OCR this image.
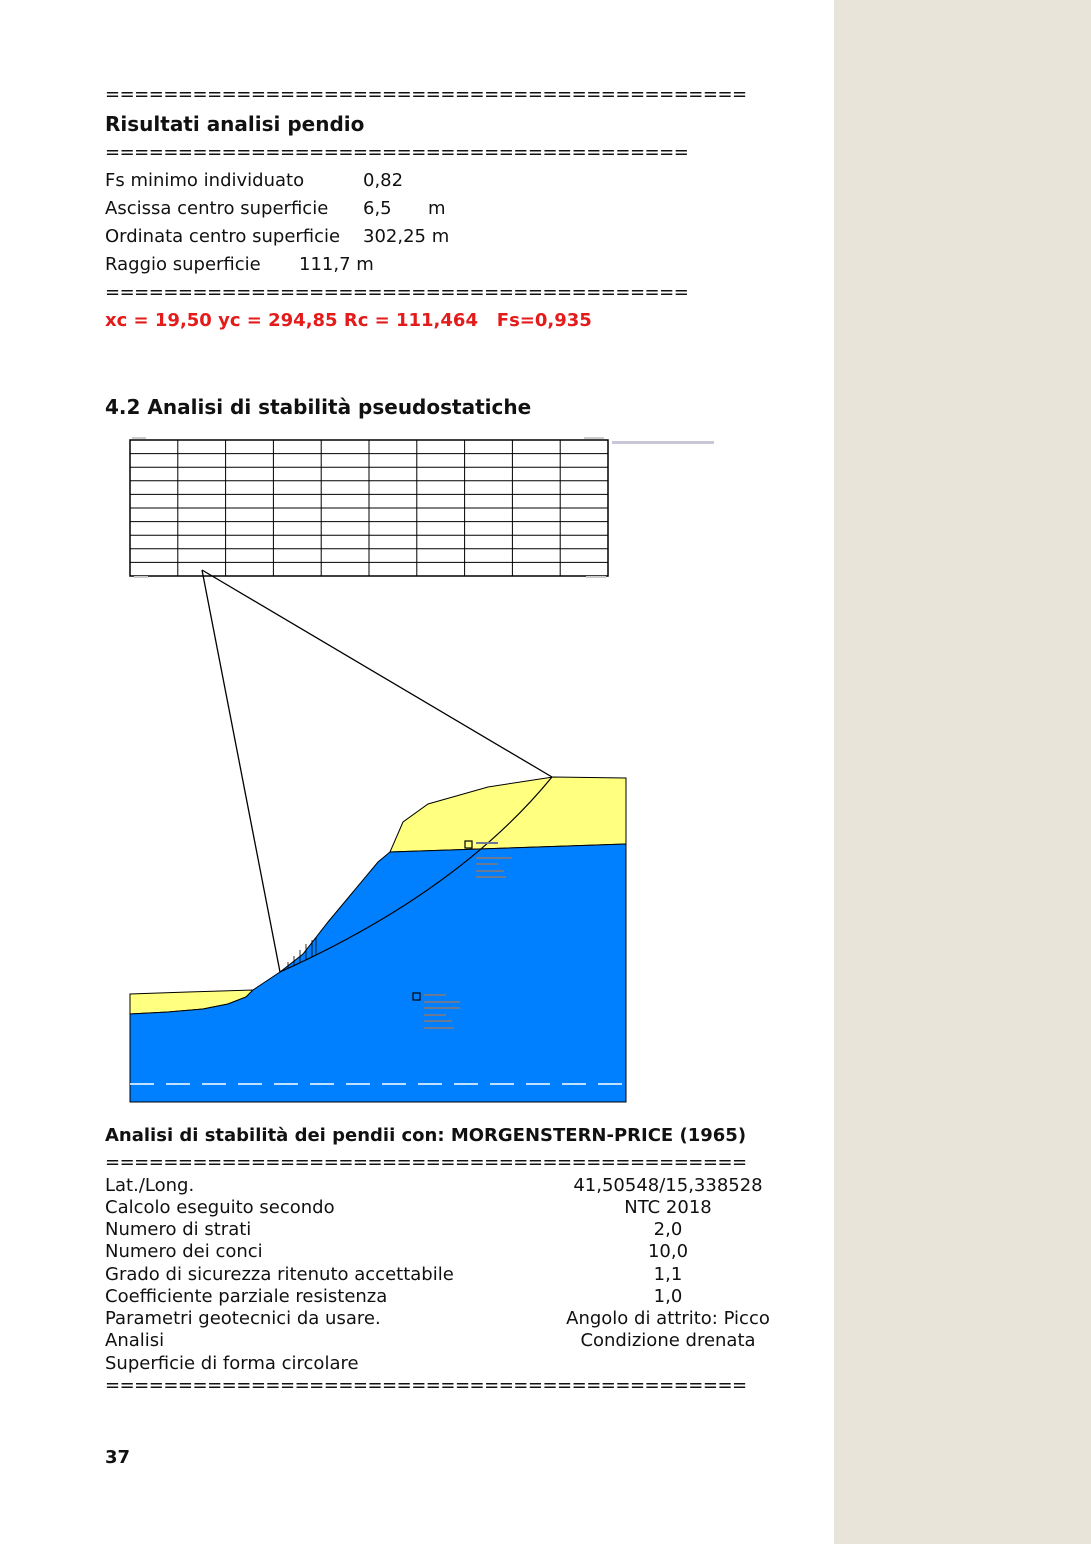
============================================
Risultati analisi pendio
========================================
Fs minimo individuato	0,82
Ascissa centro superficie 6,5 m
Ordinata centro superficie 302,25 m
Raggio superficie 111,7 m
========================================
xc = 19,50 yc = 294,85 Rc = 111,464   Fs=0,935
4.2 Analisi di stabilità pseudostatiche
Analisi di stabilità dei pendii con: MORGENSTERN-PRICE (1965)
============================================
Lat./Long.	41,50548/15,338528
Calcolo eseguito secondo	NTC 2018
Numero di strati	2,0
Numero dei conci	10,0
Grado di sicurezza ritenuto accettabile	1,1
Coefficiente parziale resistenza	1,0
Parametri geotecnici da usare.	Angolo di attrito: Picco
Analisi	Condizione drenata
Superficie di forma circolare
============================================
37
